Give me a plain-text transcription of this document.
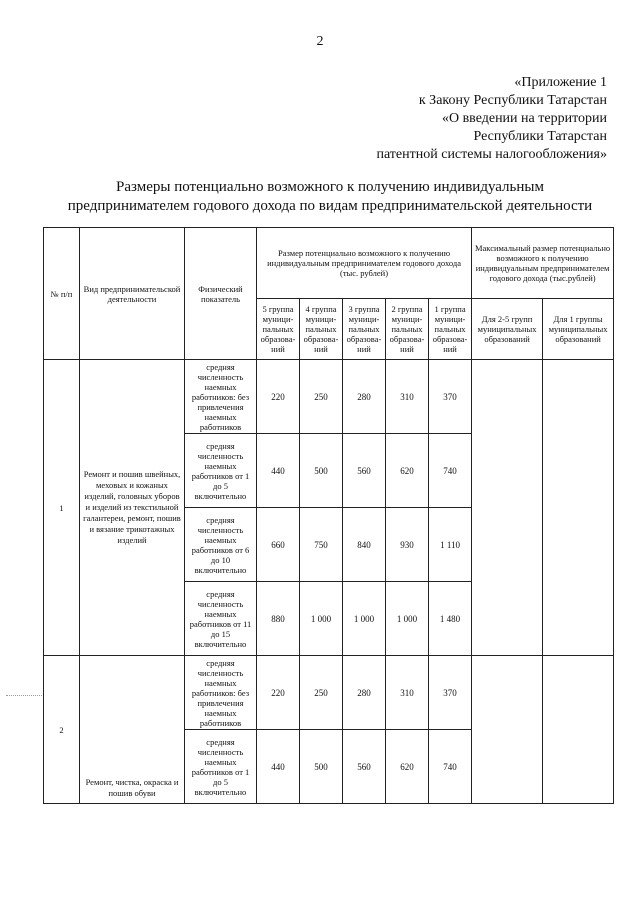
2
«Приложение 1
к Закону Республики Татарстан
«О введении на территории
Республики Татарстан
патентной системы налогообложения»
Размеры потенциально возможного к получению индивидуальным
предпринимателем годового дохода по видам предпринимательской деятельности
№ п/п	Вид предпринимательской деятельности	Физический показатель	Размер потенциально возможного к получению индивидуальным предпринимателем годового дохода (тыс. рублей)					Максимальный размер потенциально возможного к получению индивидуальным предпринимателем годового дохода (тыс.рублей)	
			5 группа муници-пальных образова-ний	4 группа муници-пальных образова-ний	3 группа муници-пальных образова-ний	2 группа муници-пальных образова-ний	1 группа муници-пальных образова-ний	Для 2-5 групп муниципальных образований	Для 1 группы муниципальных образований
1	Ремонт и пошив швейных, меховых и кожаных изделий, головных уборов и изделий из текстильной галантереи, ремонт, пошив и вязание трикотажных изделий	средняя численность наемных работников: без привлечения наемных работников	220	250	280	310	370		
		средняя численность наемных работников от 1 до 5 включительно	440	500	560	620	740		
		средняя численность наемных работников от 6 до 10 включительно	660	750	840	930	1 110		
		средняя численность наемных работников от 11 до 15 включительно	880	1 000	1 000	1 000	1 480		
2	Ремонт, чистка, окраска и пошив обуви	средняя численность наемных работников: без привлечения наемных работников	220	250	280	310	370		
		средняя численность наемных работников от 1 до 5 включительно	440	500	560	620	740		
